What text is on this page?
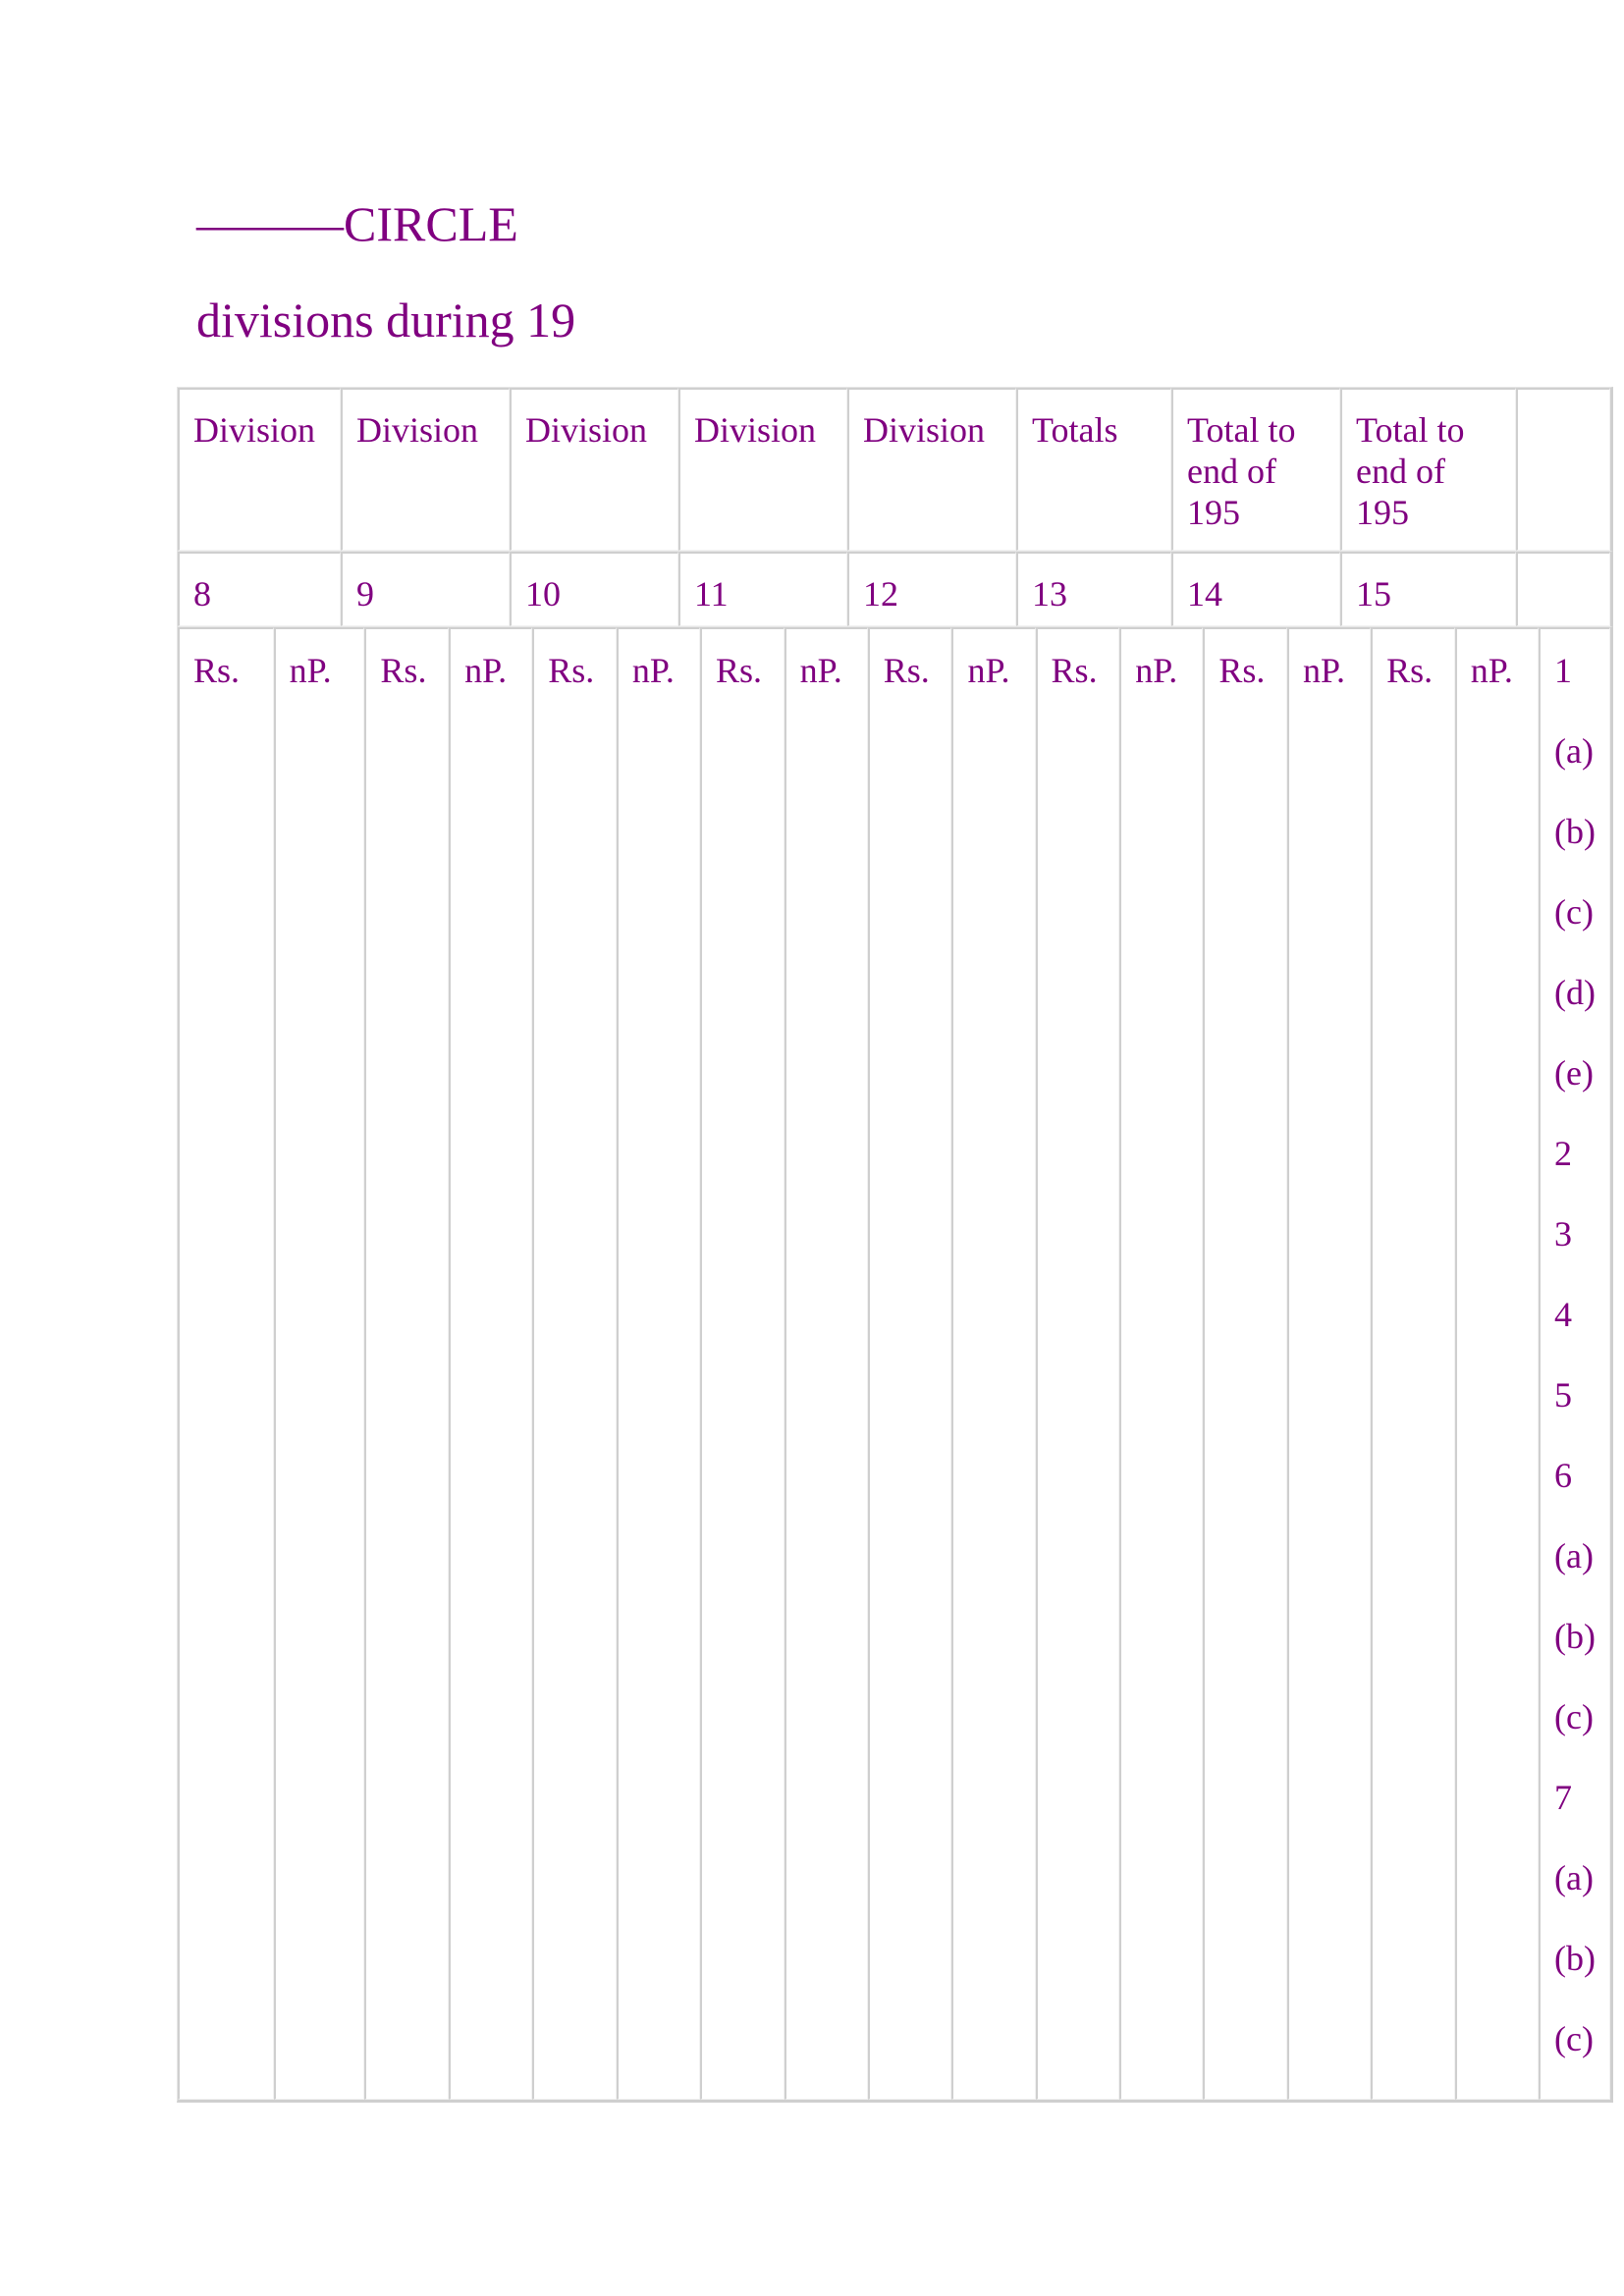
———CIRCLE
divisions during 19
Division	Division	Division	Division	Division	Totals	Total to end of 195	Total to end of 195	
8	9	10	11	12	13	14	15	
Rs.	nP.	Rs.	nP.	Rs.	nP.	Rs.	nP.	Rs.	nP.	Rs.	nP.	Rs.	nP.	Rs.	nP.	1
(a)
(b)
(c)
(d)
(e)
2
3
4
5
6
(a)
(b)
(c)
7
(a)
(b)
(c)
